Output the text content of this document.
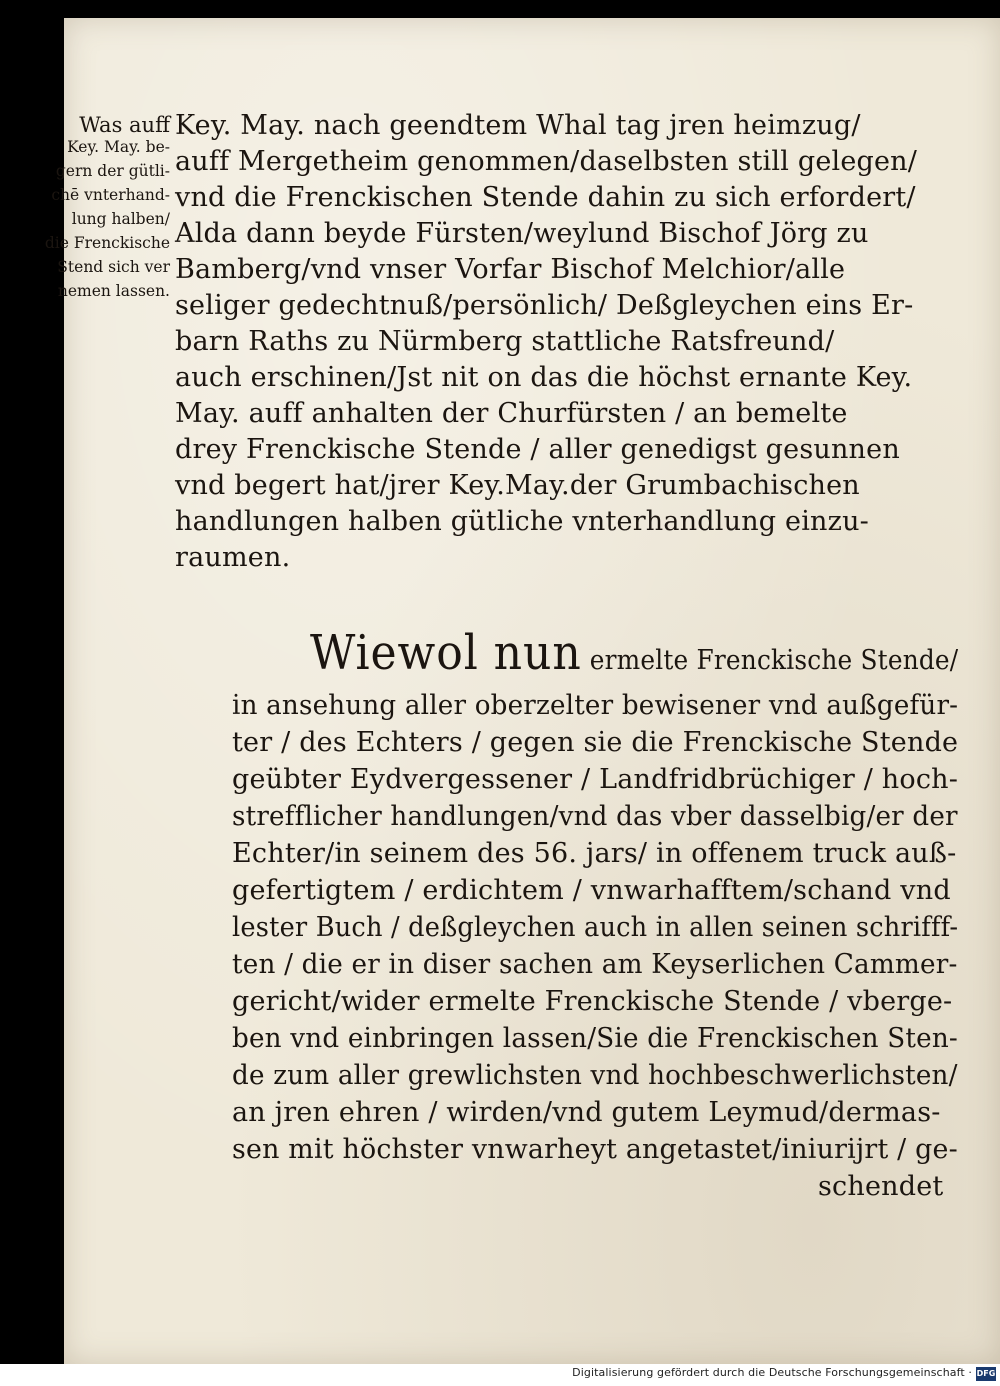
Was auff
Key. May. be-
gern der gütli-
chē vnterhand-
lung halben/
die Frenckische
Stend sich ver
nemen lassen.
Key. May. nach geendtem Whal tag jren heimzug/
auff Mergetheim genommen/daselbsten still gelegen/
vnd die Frenckischen Stende dahin zu sich erfordert/
Alda dann beyde Fürsten/weylund Bischof Jörg zu
Bamberg/vnd vnser Vorfar Bischof Melchior/alle
seliger gedechtnuß/persönlich/ Deßgleychen eins Er-
barn Raths zu Nürmberg stattliche Ratsfreund/
auch erschinen/Jst nit on das die höchst ernante Key.
May. auff anhalten der Churfürsten / an bemelte
drey Frenckische Stende / aller genedigst gesunnen
vnd begert hat/jrer Key.May.der Grumbachischen
handlungen halben gütliche vnterhandlung einzu-
raumen.
Wiewol nun ermelte Frenckische Stende/
in ansehung aller oberzelter bewisener vnd außgefür-
ter / des Echters / gegen sie die Frenckische Stende
geübter Eydvergessener / Landfridbrüchiger / hoch-
strefflicher handlungen/vnd das vber dasselbig/er der
Echter/in seinem des 56. jars/ in offenem truck auß-
gefertigtem / erdichtem / vnwarhafftem/schand vnd
lester Buch / deßgleychen auch in allen seinen schrifff-
ten / die er in diser sachen am Keyserlichen Cammer-
gericht/wider ermelte Frenckische Stende / vberge-
ben vnd einbringen lassen/Sie die Frenckischen Sten-
de zum aller grewlichsten vnd hochbeschwerlichsten/
an jren ehren / wirden/vnd gutem Leymud/dermas-
sen mit höchster vnwarheyt angetastet/iniurijrt / ge-
schendet
Digitalisierung gefördert durch die Deutsche Forschungsgemeinschaft · DFG
